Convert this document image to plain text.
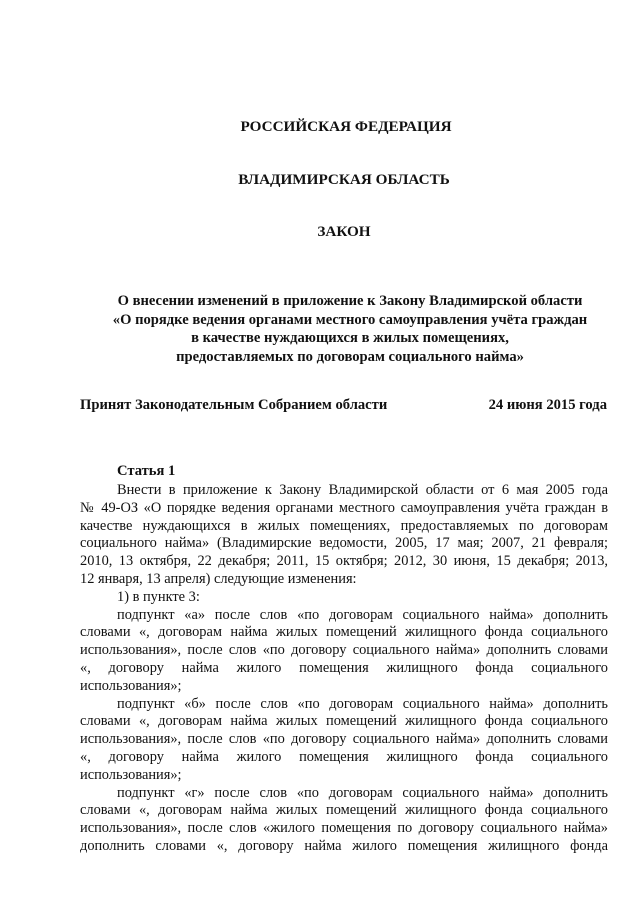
РОССИЙСКАЯ ФЕДЕРАЦИЯ

ВЛАДИМИРСКАЯ ОБЛАСТЬ

ЗАКОН

О внесении изменений в приложение к Закону Владимирской области
«О порядке ведения органами местного самоуправления учёта граждан
в качестве нуждающихся в жилых помещениях,
предоставляемых по договорам социального найма»
Принят Законодательным Собранием области	24 июня 2015 года

Статья 1

Внести в приложение к Закону Владимирской области от 6 мая 2005 года
№ 49-ОЗ «О порядке ведения органами местного самоуправления учёта граждан в
качестве нуждающихся в жилых помещениях, предоставляемых по договорам
социального найма» (Владимирские ведомости, 2005, 17 мая; 2007, 21 февраля;
2010, 13 октября, 22 декабря; 2011, 15 октября; 2012, 30 июня, 15 декабря; 2013,
12 января, 13 апреля) следующие изменения:
1) в пункте 3:
подпункт «а» после слов «по договорам социального найма» дополнить
словами «, договорам найма жилых помещений жилищного фонда социального
использования», после слов «по договору социального найма» дополнить словами
«, договору найма жилого помещения жилищного фонда социального
использования»;
подпункт «б» после слов «по договорам социального найма» дополнить
словами «, договорам найма жилых помещений жилищного фонда социального
использования», после слов «по договору социального найма» дополнить словами
«, договору найма жилого помещения жилищного фонда социального
использования»;
подпункт «г» после слов «по договорам социального найма» дополнить
словами «, договорам найма жилых помещений жилищного фонда социального
использования», после слов «жилого помещения по договору социального найма»
дополнить словами «, договору найма жилого помещения жилищного фонда
